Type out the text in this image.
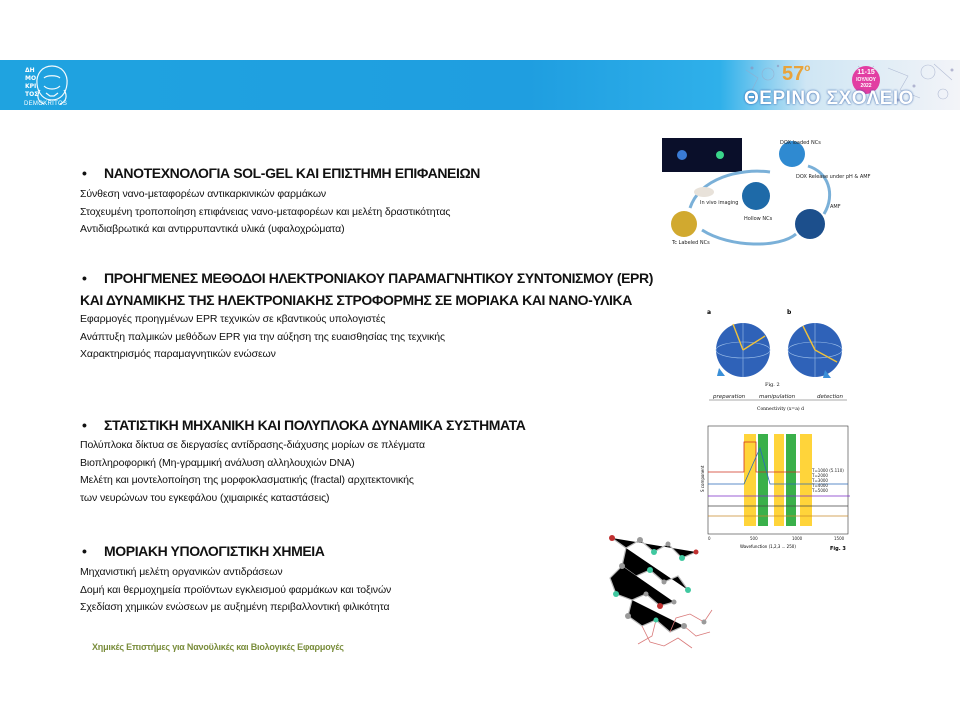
ΔΗ
ΜΟ
ΚΡΙ
ΤΟΣ
DEMOKRITOS
$57^o$	11-15
ΙΟΥΛΙΟΥ
2022
ΘΕΡΙΝΟ ΣΧΟΛΕΙΟ
• ΝΑΝΟΤΕΧΝΟΛΟΓΙΑ SOL-GEL ΚΑΙ ΕΠΙΣΤΗΜΗ ΕΠΙΦΑΝΕΙΩΝ
Σύνθεση νανο-μεταφορέων αντικαρκινικών φαρμάκων
Στοχευμένη τροποποίηση επιφάνειας νανο-μεταφορέων και μελέτη δραστικότητας
Αντιδιαβρωτικά και αντιρρυπαντικά υλικά (υφαλοχρώματα)
• ΠΡΟΗΓΜΕΝΕΣ ΜΕΘΟΔΟΙ ΗΛΕΚΤΡΟΝΙΑΚΟΥ ΠΑΡΑΜΑΓΝΗΤΙΚΟΥ ΣΥΝΤΟΝΙΣΜΟΥ (EPR)
ΚΑΙ ΔΥΝΑΜΙΚΗΣ ΤΗΣ ΗΛΕΚΤΡΟΝΙΑΚΗΣ ΣΤΡΟΦΟΡΜΗΣ ΣΕ ΜΟΡΙΑΚΑ ΚΑΙ ΝΑΝΟ-ΥΛΙΚΑ
Εφαρμογές προηγμένων EPR τεχνικών σε κβαντικούς υπολογιστές
Ανάπτυξη παλμικών μεθόδων EPR για την αύξηση της ευαισθησίας της τεχνικής
Χαρακτηρισμός παραμαγνητικών ενώσεων
• ΣΤΑΤΙΣΤΙΚΗ ΜΗΧΑΝΙΚΗ ΚΑΙ ΠΟΛΥΠΛΟΚΑ ΔΥΝΑΜΙΚΑ ΣΥΣΤΗΜΑΤΑ
Πολύπλοκα δίκτυα σε διεργασίες αντίδρασης-διάχυσης μορίων σε πλέγματα
Βιοπληροφορική (Μη-γραμμική ανάλυση αλληλουχιών DNA)
Μελέτη και μοντελοποίηση της μορφοκλασματικής (fractal) αρχιτεκτονικής
των νευρώνων του εγκεφάλου (χιμαιρικές καταστάσεις)
• ΜΟΡΙΑΚΗ ΥΠΟΛΟΓΙΣΤΙΚΗ ΧΗΜΕΙΑ
Μηχανιστική μελέτη οργανικών αντιδράσεων
Δομή και θερμοχημεία προϊόντων εγκλεισμού φαρμάκων και τοξινών
Σχεδίαση χημικών ενώσεων με αυξημένη περιβαλλοντική φιλικότητα
Χημικές Επιστήμες για Νανοϋλικές και Βιολογικές Εφαρμογές
DOX loaded NCs
DOX Release under pH & AMF
AMF
Hollow NCs
In vivo imaging
Tc Labeled NCs
a	b
Fig. 2
preparation	manipulation	detection
Connectivity (x=a) d
S component	T=1000 (5.110)
T=2000
T=3000
T=4000
T=5000
0	500	1000	1500
Wavefunction (1,2,3 ... 250)	Fig. 3
